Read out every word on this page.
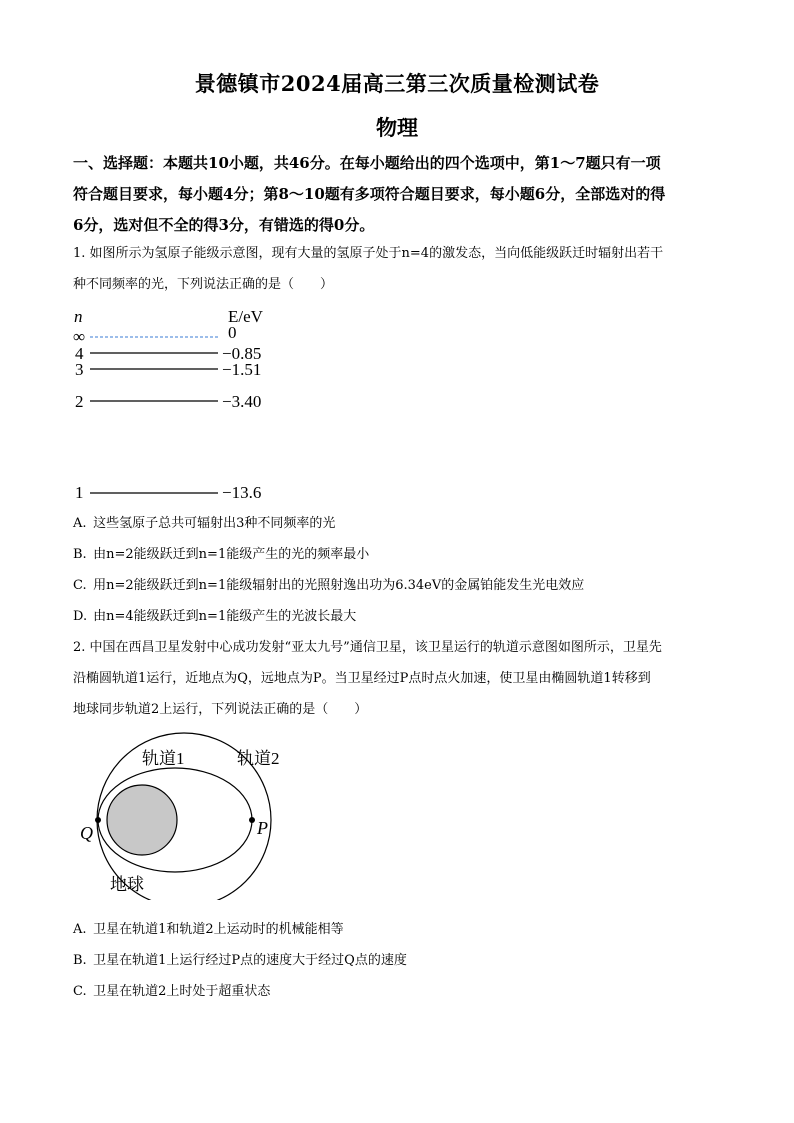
景德镇市2024届高三第三次质量检测试卷
物理
一、选择题：本题共10小题，共46分。在每小题给出的四个选项中，第1～7题只有一项
符合题目要求，每小题4分；第8～10题有多项符合题目要求，每小题6分，全部选对的得
6分，选对但不全的得3分，有错选的得0分。
1. 如图所示为氢原子能级示意图，现有大量的氢原子处于n=4的激发态，当向低能级跃迁时辐射出若干
种不同频率的光，下列说法正确的是（　　）
n	E/eV
∞	0
4	−0.85
3	−1.51
2	−3.40
1	−13.6
A. 这些氢原子总共可辐射出3种不同频率的光
B. 由n=2能级跃迁到n=1能级产生的光的频率最小
C. 用n=2能级跃迁到n=1能级辐射出的光照射逸出功为6.34eV的金属铂能发生光电效应
D. 由n=4能级跃迁到n=1能级产生的光波长最大
2. 中国在西昌卫星发射中心成功发射“亚太九号”通信卫星，该卫星运行的轨道示意图如图所示，卫星先
沿椭圆轨道1运行，近地点为Q，远地点为P。当卫星经过P点时点火加速，使卫星由椭圆轨道1转移到
地球同步轨道2上运行，下列说法正确的是（　　）
轨道1	轨道2
Q	P
地球
A. 卫星在轨道1和轨道2上运动时的机械能相等
B. 卫星在轨道1上运行经过P点的速度大于经过Q点的速度
C. 卫星在轨道2上时处于超重状态
